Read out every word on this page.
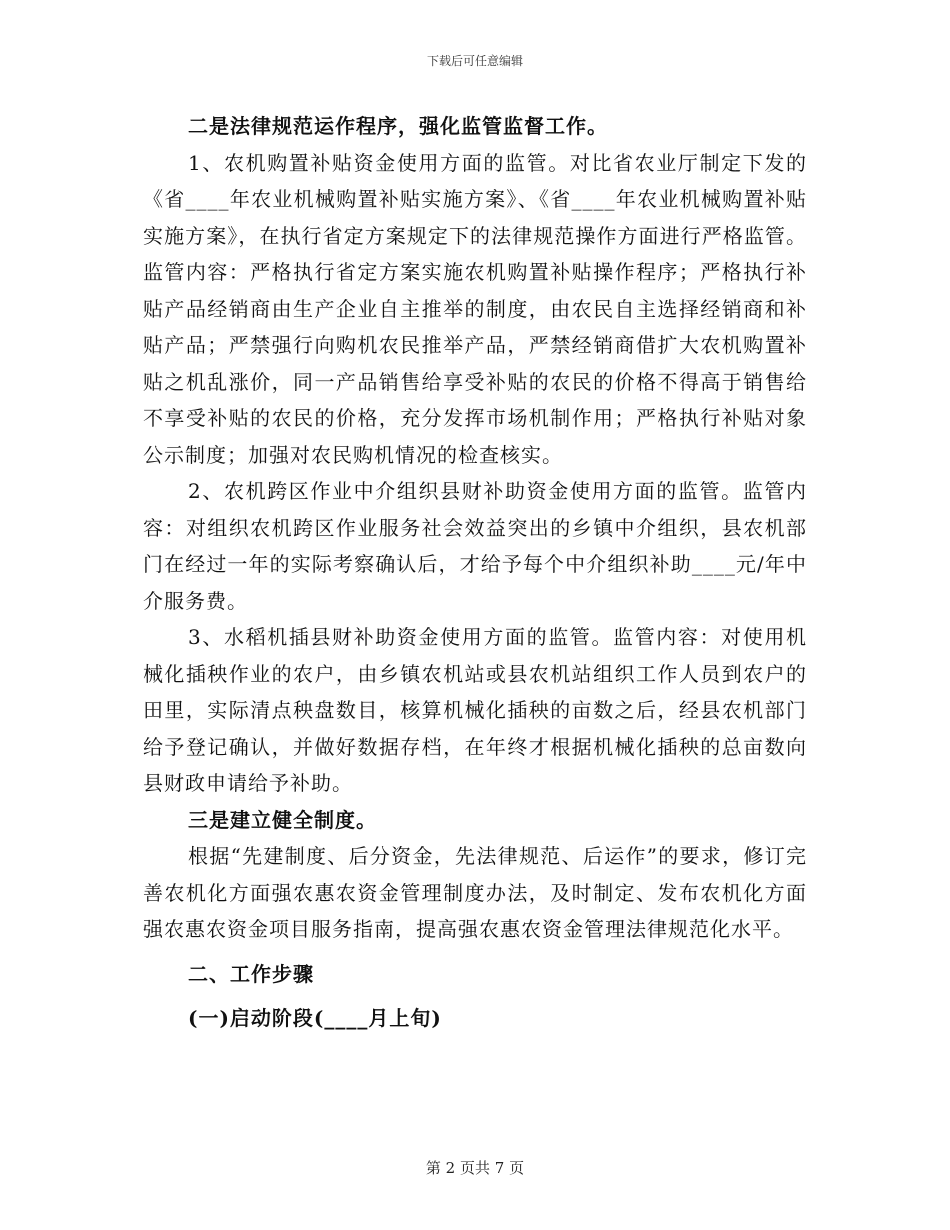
下载后可任意编辑

二是法律规范运作程序，强化监管监督工作。

1、农机购置补贴资金使用方面的监管。对比省农业厅制定下发的《省____年农业机械购置补贴实施方案》、《省____年农业机械购置补贴实施方案》，在执行省定方案规定下的法律规范操作方面进行严格监管。监管内容：严格执行省定方案实施农机购置补贴操作程序；严格执行补贴产品经销商由生产企业自主推举的制度，由农民自主选择经销商和补贴产品；严禁强行向购机农民推举产品，严禁经销商借扩大农机购置补贴之机乱涨价，同一产品销售给享受补贴的农民的价格不得高于销售给不享受补贴的农民的价格，充分发挥市场机制作用；严格执行补贴对象公示制度；加强对农民购机情况的检查核实。

2、农机跨区作业中介组织县财补助资金使用方面的监管。监管内容：对组织农机跨区作业服务社会效益突出的乡镇中介组织，县农机部门在经过一年的实际考察确认后，才给予每个中介组织补助____元/年中介服务费。

3、水稻机插县财补助资金使用方面的监管。监管内容：对使用机械化插秧作业的农户，由乡镇农机站或县农机站组织工作人员到农户的田里，实际清点秧盘数目，核算机械化插秧的亩数之后，经县农机部门给予登记确认，并做好数据存档，在年终才根据机械化插秧的总亩数向县财政申请给予补助。

三是建立健全制度。

根据“先建制度、后分资金，先法律规范、后运作”的要求，修订完善农机化方面强农惠农资金管理制度办法，及时制定、发布农机化方面强农惠农资金项目服务指南，提高强农惠农资金管理法律规范化水平。

二、工作步骤

(一)启动阶段(____月上旬)

第 2 页共 7 页
